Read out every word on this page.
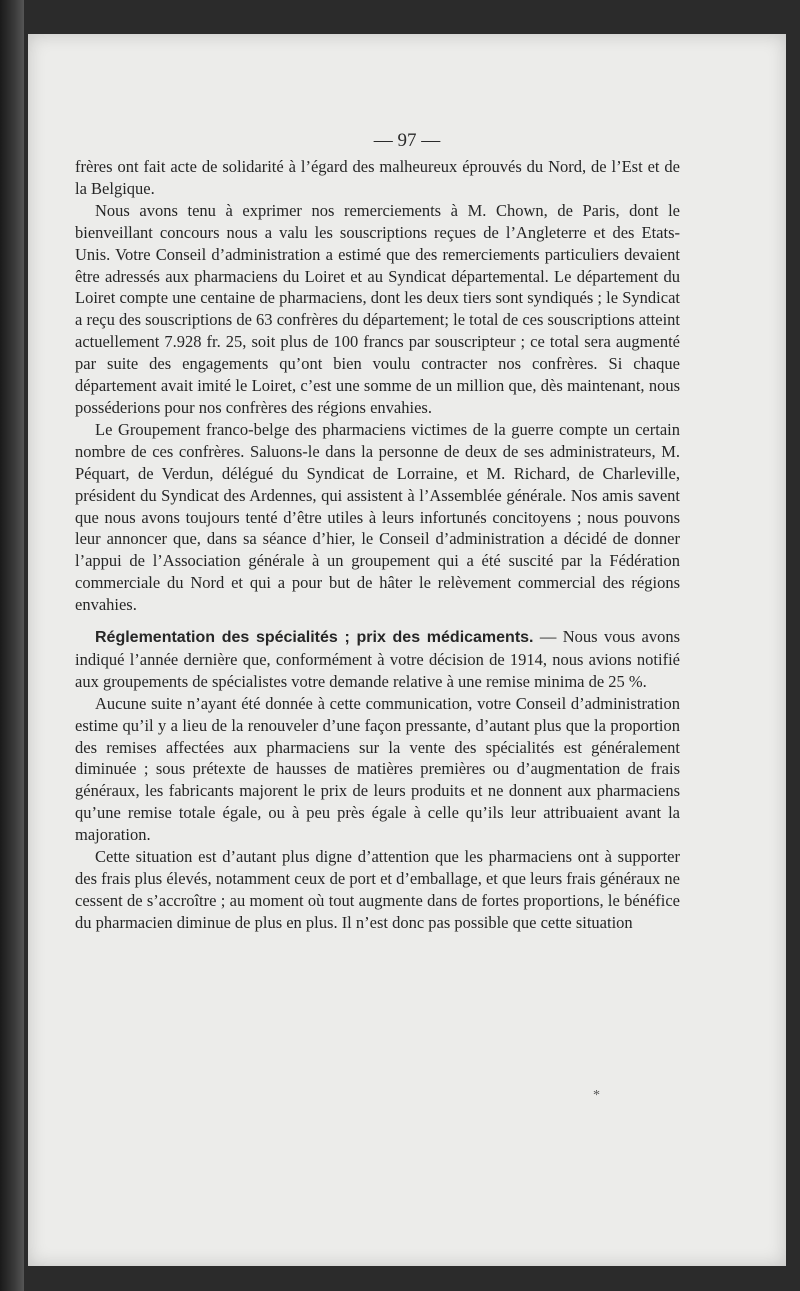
— 97 —

frères ont fait acte de solidarité à l’égard des malheureux éprouvés du Nord, de l’Est et de la Belgique.

Nous avons tenu à exprimer nos remerciements à M. Chown, de Paris, dont le bienveillant concours nous a valu les souscriptions reçues de l’Angleterre et des Etats-Unis. Votre Conseil d’administration a estimé que des remerciements particuliers devaient être adressés aux pharmaciens du Loiret et au Syndicat départemental. Le département du Loiret compte une centaine de pharmaciens, dont les deux tiers sont syndiqués ; le Syndicat a reçu des souscriptions de 63 confrères du département; le total de ces souscriptions atteint actuellement 7.928 fr. 25, soit plus de 100 francs par souscripteur ; ce total sera augmenté par suite des engagements qu’ont bien voulu contracter nos confrères. Si chaque département avait imité le Loiret, c’est une somme de un million que, dès maintenant, nous posséderions pour nos confrères des régions envahies.

Le Groupement franco-belge des pharmaciens victimes de la guerre compte un certain nombre de ces confrères. Saluons-le dans la personne de deux de ses administrateurs, M. Péquart, de Verdun, délégué du Syndicat de Lorraine, et M. Richard, de Charleville, président du Syndicat des Ardennes, qui assistent à l’Assemblée générale. Nos amis savent que nous avons toujours tenté d’être utiles à leurs infortunés concitoyens ; nous pouvons leur annoncer que, dans sa séance d’hier, le Conseil d’administration a décidé de donner l’appui de l’Association générale à un groupement qui a été suscité par la Fédération commerciale du Nord et qui a pour but de hâter le relèvement commercial des régions envahies.

Réglementation des spécialités ; prix des médicaments. — Nous vous avons indiqué l’année dernière que, conformément à votre décision de 1914, nous avions notifié aux groupements de spécialistes votre demande relative à une remise minima de 25 %.

Aucune suite n’ayant été donnée à cette communication, votre Conseil d’administration estime qu’il y a lieu de la renouveler d’une façon pressante, d’autant plus que la proportion des remises affectées aux pharmaciens sur la vente des spécialités est généralement diminuée ; sous prétexte de hausses de matières premières ou d’augmentation de frais généraux, les fabricants majorent le prix de leurs produits et ne donnent aux pharmaciens qu’une remise totale égale, ou à peu près égale à celle qu’ils leur attribuaient avant la majoration.

Cette situation est d’autant plus digne d’attention que les pharmaciens ont à supporter des frais plus élevés, notamment ceux de port et d’emballage, et que leurs frais généraux ne cessent de s’accroître ; au moment où tout augmente dans de fortes proportions, le bénéfice du pharmacien diminue de plus en plus. Il n’est donc pas possible que cette situation

*
